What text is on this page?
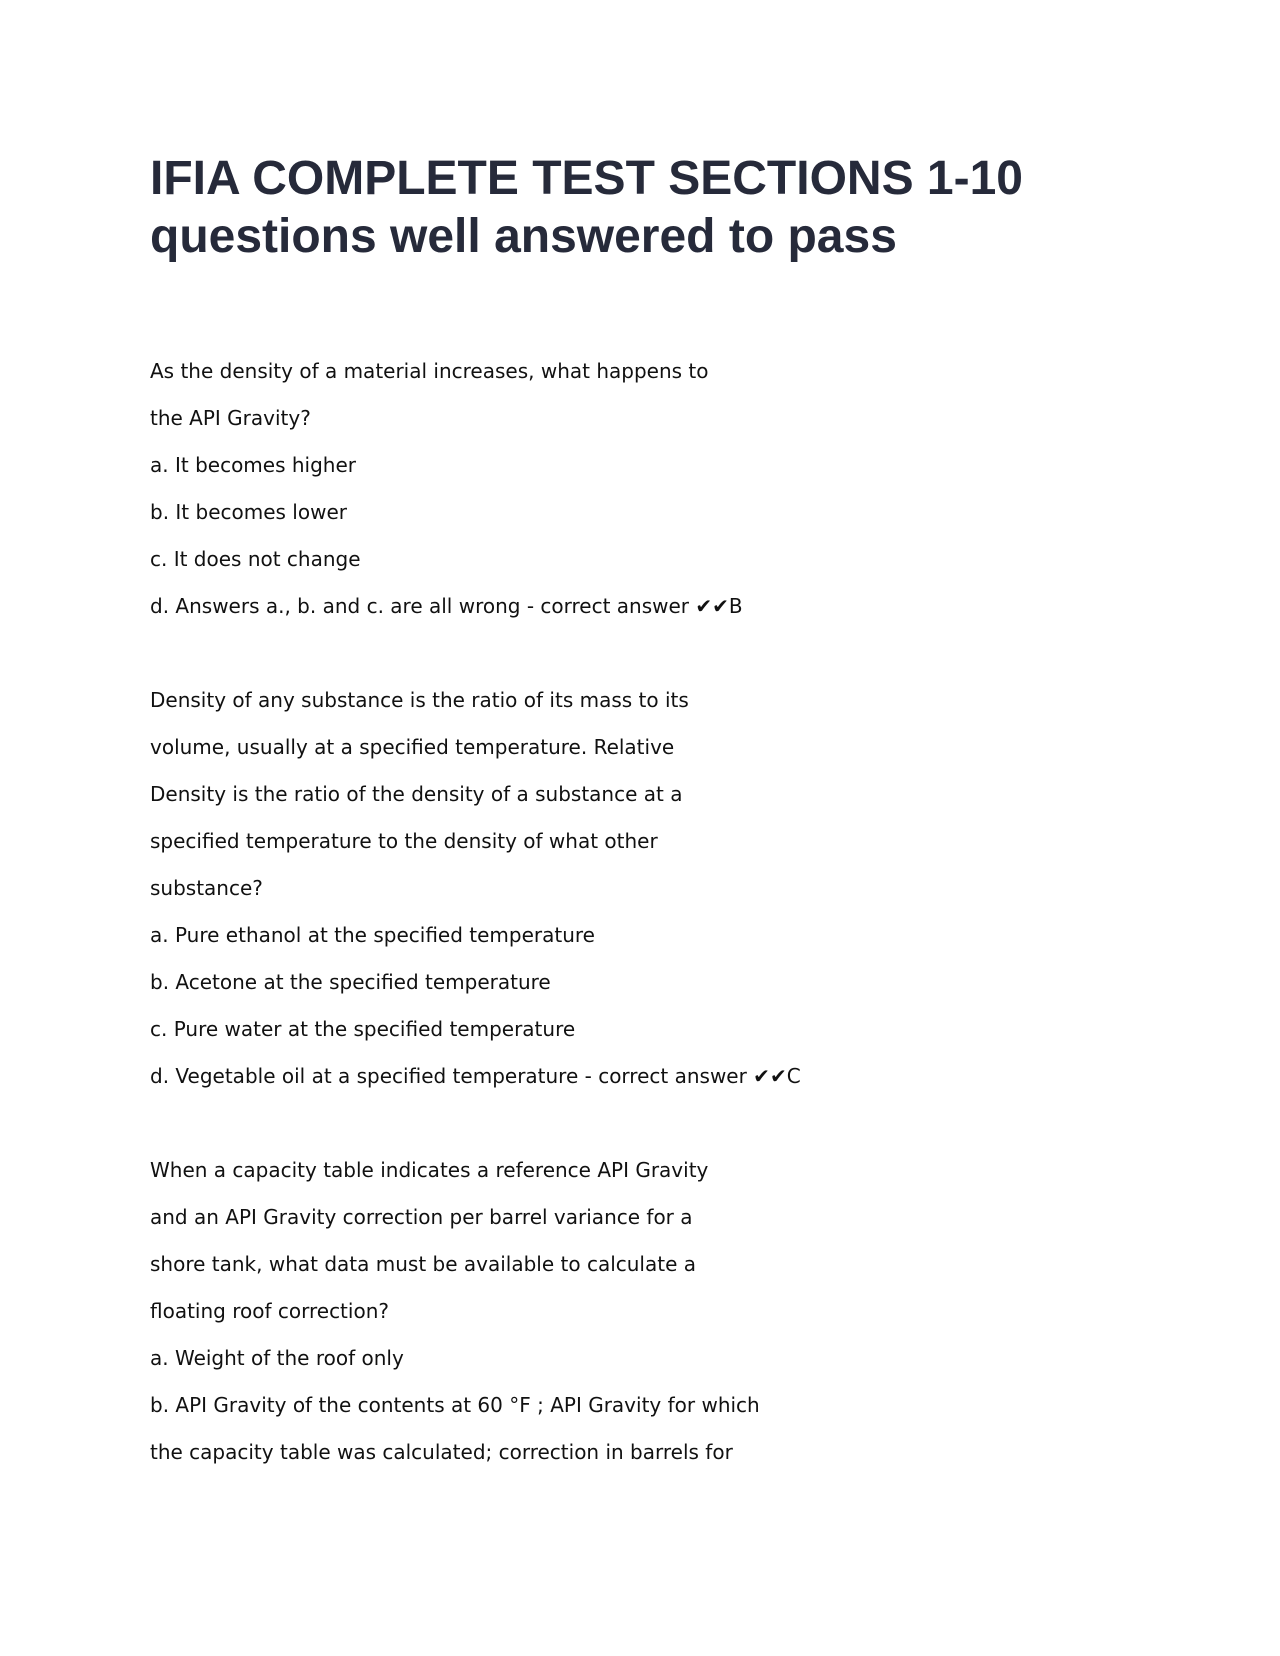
IFIA COMPLETE TEST SECTIONS 1-10
questions well answered to pass
As the density of a material increases, what happens to
the API Gravity?
a. It becomes higher
b. It becomes lower
c. It does not change
d. Answers a., b. and c. are all wrong - correct answer ✔✔B
Density of any substance is the ratio of its mass to its
volume, usually at a specified temperature. Relative
Density is the ratio of the density of a substance at a
specified temperature to the density of what other
substance?
a. Pure ethanol at the specified temperature
b. Acetone at the specified temperature
c. Pure water at the specified temperature
d. Vegetable oil at a specified temperature - correct answer ✔✔C
When a capacity table indicates a reference API Gravity
and an API Gravity correction per barrel variance for a
shore tank, what data must be available to calculate a
floating roof correction?
a. Weight of the roof only
b. API Gravity of the contents at 60 °F ; API Gravity for which
the capacity table was calculated; correction in barrels for
